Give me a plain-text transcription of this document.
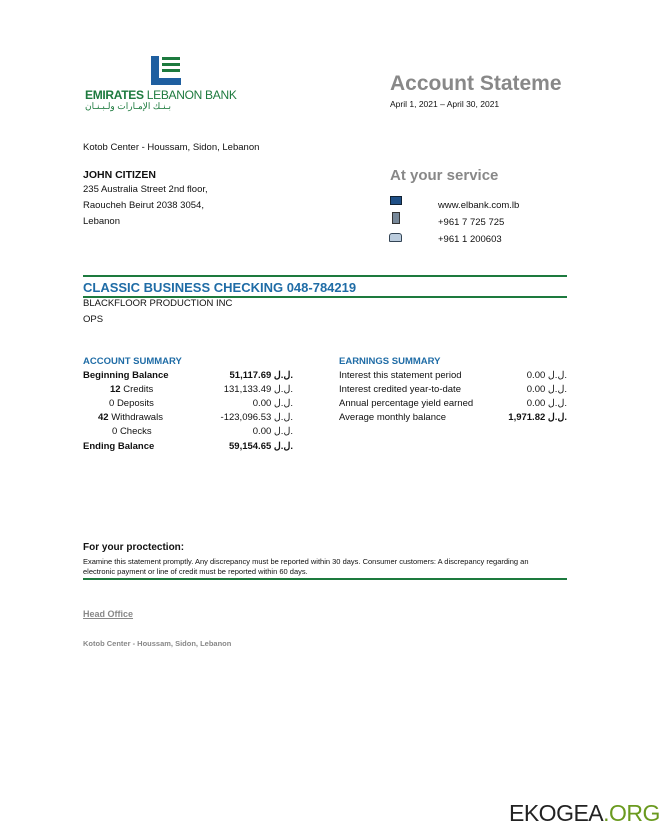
EMIRATES LEBANON BANK
بـنـك الإمـارات ولـبـنـان
Account Stateme
April 1, 2021 – April 30, 2021
Kotob Center - Houssam, Sidon, Lebanon
JOHN CITIZEN
235 Australia Street 2nd floor,
Raoucheh Beirut 2038 3054,
Lebanon
At your service
www.elbank.com.lb
+961 7 725 725
+961 1 200603
CLASSIC BUSINESS CHECKING 048-784219
BLACKFLOOR PRODUCTION INC
OPS
ACCOUNT SUMMARY
Beginning Balance	51,117.69 ل.ل.
12 Credits	131,133.49 ل.ل.
0 Deposits	0.00 ل.ل.
42 Withdrawals	-123,096.53 ل.ل.
0 Checks	0.00 ل.ل.
Ending Balance	59,154.65 ل.ل.
EARNINGS SUMMARY
Interest this statement period	0.00 ل.ل.
Interest credited year-to-date	0.00 ل.ل.
Annual percentage yield earned	0.00 ل.ل.
Average monthly balance	1,971.82 ل.ل.
For your proctection:
Examine this statement promptly. Any discrepancy must be reported within 30 days. Consumer customers: A discrepancy regarding an electronic payment or line of credit must be reported within 60 days.
Head Office
Kotob Center - Houssam, Sidon, Lebanon
EKOGEA.ORG
